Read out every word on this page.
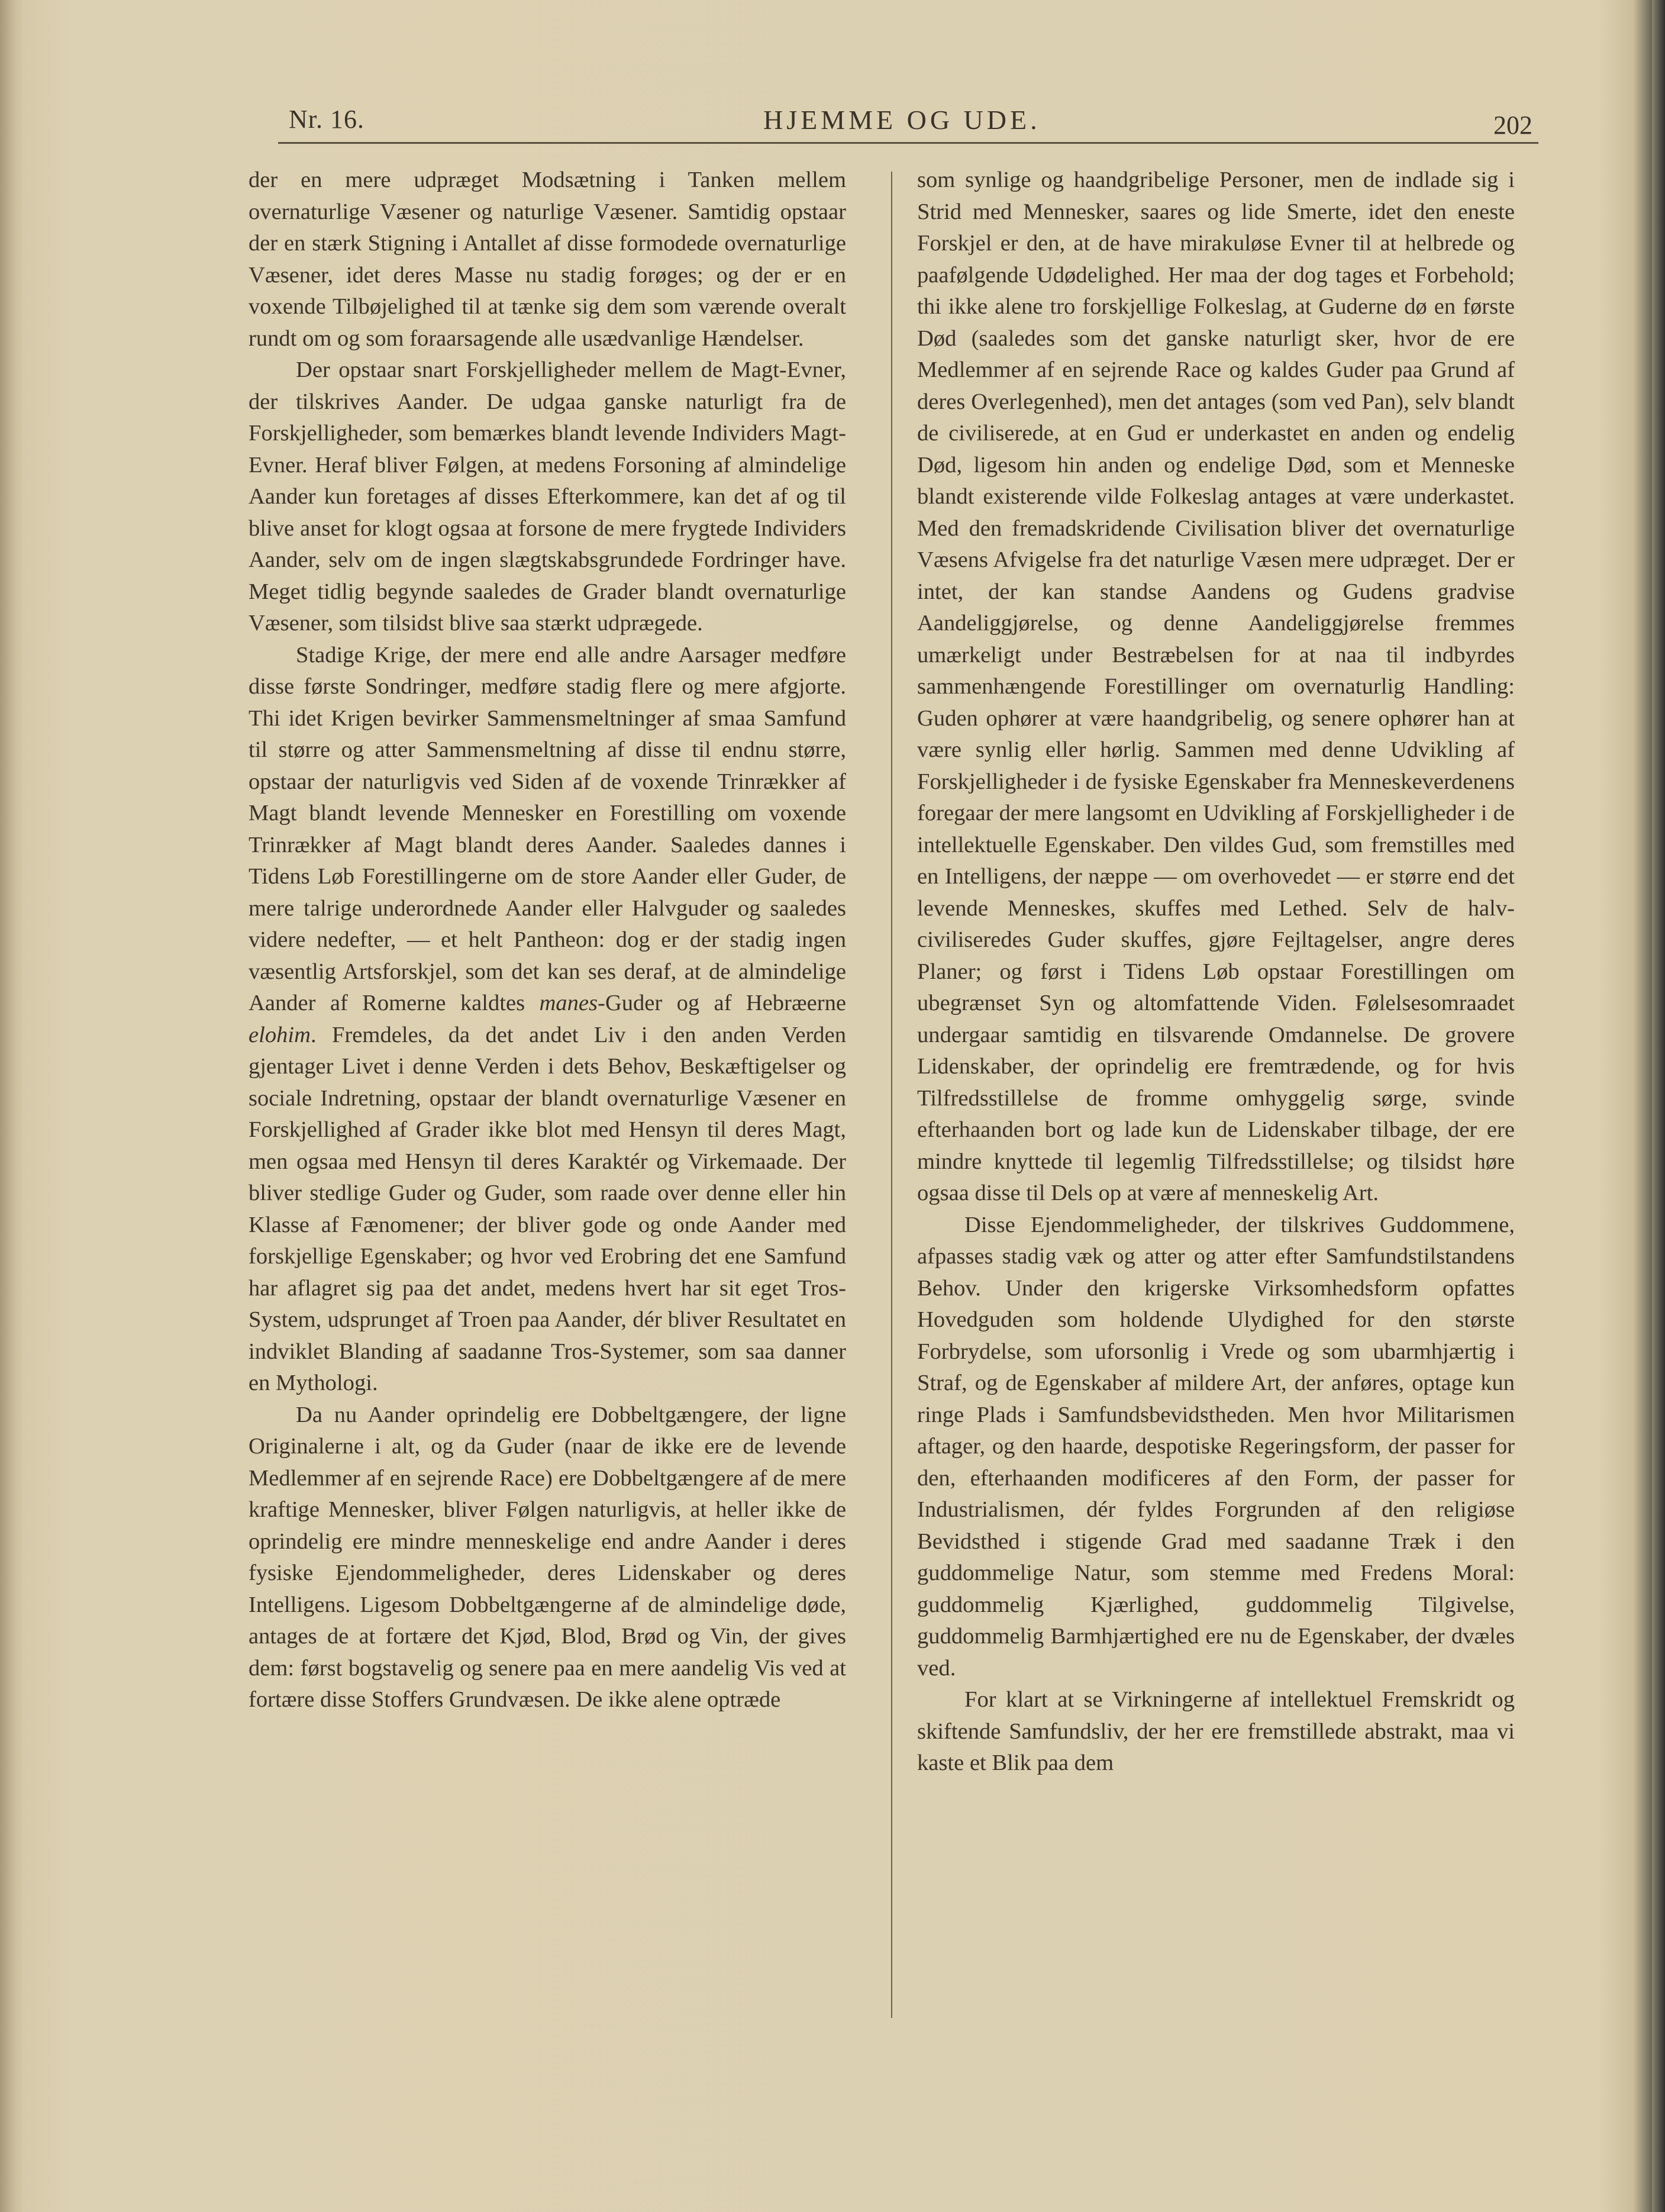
Nr. 16.	HJEMME OG UDE.	202

der en mere udpræget Modsætning i Tanken mellem overnaturlige Væsener og naturlige Væsener. Samtidig opstaar der en stærk Stigning i Antallet af disse formodede overnaturlige Væsener, idet deres Masse nu stadig forøges; og der er en voxende Tilbøjelighed til at tænke sig dem som værende overalt rundt om og som foraarsagende alle usædvanlige Hændelser.

Der opstaar snart Forskjelligheder mellem de Magt-Evner, der tilskrives Aander. De udgaa ganske naturligt fra de Forskjelligheder, som bemærkes blandt levende Individers Magt-Evner. Heraf bliver Følgen, at medens Forsoning af almindelige Aander kun foretages af disses Efterkommere, kan det af og til blive anset for klogt ogsaa at forsone de mere frygtede Individers Aander, selv om de ingen slægtskabsgrundede Fordringer have. Meget tidlig begynde saaledes de Grader blandt overnaturlige Væsener, som tilsidst blive saa stærkt udprægede.

Stadige Krige, der mere end alle andre Aarsager medføre disse første Sondringer, medføre stadig flere og mere afgjorte. Thi idet Krigen bevirker Sammensmeltninger af smaa Samfund til større og atter Sammensmeltning af disse til endnu større, opstaar der naturligvis ved Siden af de voxende Trinrækker af Magt blandt levende Mennesker en Forestilling om voxende Trinrækker af Magt blandt deres Aander. Saaledes dannes i Tidens Løb Forestillingerne om de store Aander eller Guder, de mere talrige underordnede Aander eller Halvguder og saaledes videre nedefter, — et helt Pantheon: dog er der stadig ingen væsentlig Artsforskjel, som det kan ses deraf, at de almindelige Aander af Romerne kaldtes manes-Guder og af Hebræerne elohim. Fremdeles, da det andet Liv i den anden Verden gjentager Livet i denne Verden i dets Behov, Beskæftigelser og sociale Indretning, opstaar der blandt overnaturlige Væsener en Forskjellighed af Grader ikke blot med Hensyn til deres Magt, men ogsaa med Hensyn til deres Karaktér og Virkemaade. Der bliver stedlige Guder og Guder, som raade over denne eller hin Klasse af Fænomener; der bliver gode og onde Aander med forskjellige Egenskaber; og hvor ved Erobring det ene Samfund har aflagret sig paa det andet, medens hvert har sit eget Tros-System, udsprunget af Troen paa Aander, dér bliver Resultatet en indviklet Blanding af saadanne Tros-Systemer, som saa danner en Mythologi.

Da nu Aander oprindelig ere Dobbeltgængere, der ligne Originalerne i alt, og da Guder (naar de ikke ere de levende Medlemmer af en sejrende Race) ere Dobbeltgængere af de mere kraftige Mennesker, bliver Følgen naturligvis, at heller ikke de oprindelig ere mindre menneskelige end andre Aander i deres fysiske Ejendommeligheder, deres Lidenskaber og deres Intelligens. Ligesom Dobbeltgængerne af de almindelige døde, antages de at fortære det Kjød, Blod, Brød og Vin, der gives dem: først bogstavelig og senere paa en mere aandelig Vis ved at fortære disse Stoffers Grundvæsen. De ikke alene optræde

som synlige og haandgribelige Personer, men de indlade sig i Strid med Mennesker, saares og lide Smerte, idet den eneste Forskjel er den, at de have mirakuløse Evner til at helbrede og paafølgende Udødelighed. Her maa der dog tages et Forbehold; thi ikke alene tro forskjellige Folkeslag, at Guderne dø en første Død (saaledes som det ganske naturligt sker, hvor de ere Medlemmer af en sejrende Race og kaldes Guder paa Grund af deres Overlegenhed), men det antages (som ved Pan), selv blandt de civiliserede, at en Gud er underkastet en anden og endelig Død, ligesom hin anden og endelige Død, som et Menneske blandt existerende vilde Folkeslag antages at være underkastet. Med den fremadskridende Civilisation bliver det overnaturlige Væsens Afvigelse fra det naturlige Væsen mere udpræget. Der er intet, der kan standse Aandens og Gudens gradvise Aandeliggjørelse, og denne Aandeliggjørelse fremmes umærkeligt under Bestræbelsen for at naa til indbyrdes sammenhængende Forestillinger om overnaturlig Handling: Guden ophører at være haandgribelig, og senere ophører han at være synlig eller hørlig. Sammen med denne Udvikling af Forskjelligheder i de fysiske Egenskaber fra Menneskeverdenens foregaar der mere langsomt en Udvikling af Forskjelligheder i de intellektuelle Egenskaber. Den vildes Gud, som fremstilles med en Intelligens, der næppe — om overhovedet — er større end det levende Menneskes, skuffes med Lethed. Selv de halv-civiliseredes Guder skuffes, gjøre Fejltagelser, angre deres Planer; og først i Tidens Løb opstaar Forestillingen om ubegrænset Syn og altomfattende Viden. Følelsesomraadet undergaar samtidig en tilsvarende Omdannelse. De grovere Lidenskaber, der oprindelig ere fremtrædende, og for hvis Tilfredsstillelse de fromme omhyggelig sørge, svinde efterhaanden bort og lade kun de Lidenskaber tilbage, der ere mindre knyttede til legemlig Tilfredsstillelse; og tilsidst høre ogsaa disse til Dels op at være af menneskelig Art.

Disse Ejendommeligheder, der tilskrives Guddommene, afpasses stadig væk og atter og atter efter Samfundstilstandens Behov. Under den krigerske Virksomhedsform opfattes Hovedguden som holdende Ulydighed for den største Forbrydelse, som uforsonlig i Vrede og som ubarmhjærtig i Straf, og de Egenskaber af mildere Art, der anføres, optage kun ringe Plads i Samfundsbevidstheden. Men hvor Militarismen aftager, og den haarde, despotiske Regeringsform, der passer for den, efterhaanden modificeres af den Form, der passer for Industrialismen, dér fyldes Forgrunden af den religiøse Bevidsthed i stigende Grad med saadanne Træk i den guddommelige Natur, som stemme med Fredens Moral: guddommelig Kjærlighed, guddommelig Tilgivelse, guddommelig Barmhjærtighed ere nu de Egenskaber, der dvæles ved.

For klart at se Virkningerne af intellektuel Fremskridt og skiftende Samfundsliv, der her ere fremstillede abstrakt, maa vi kaste et Blik paa dem
